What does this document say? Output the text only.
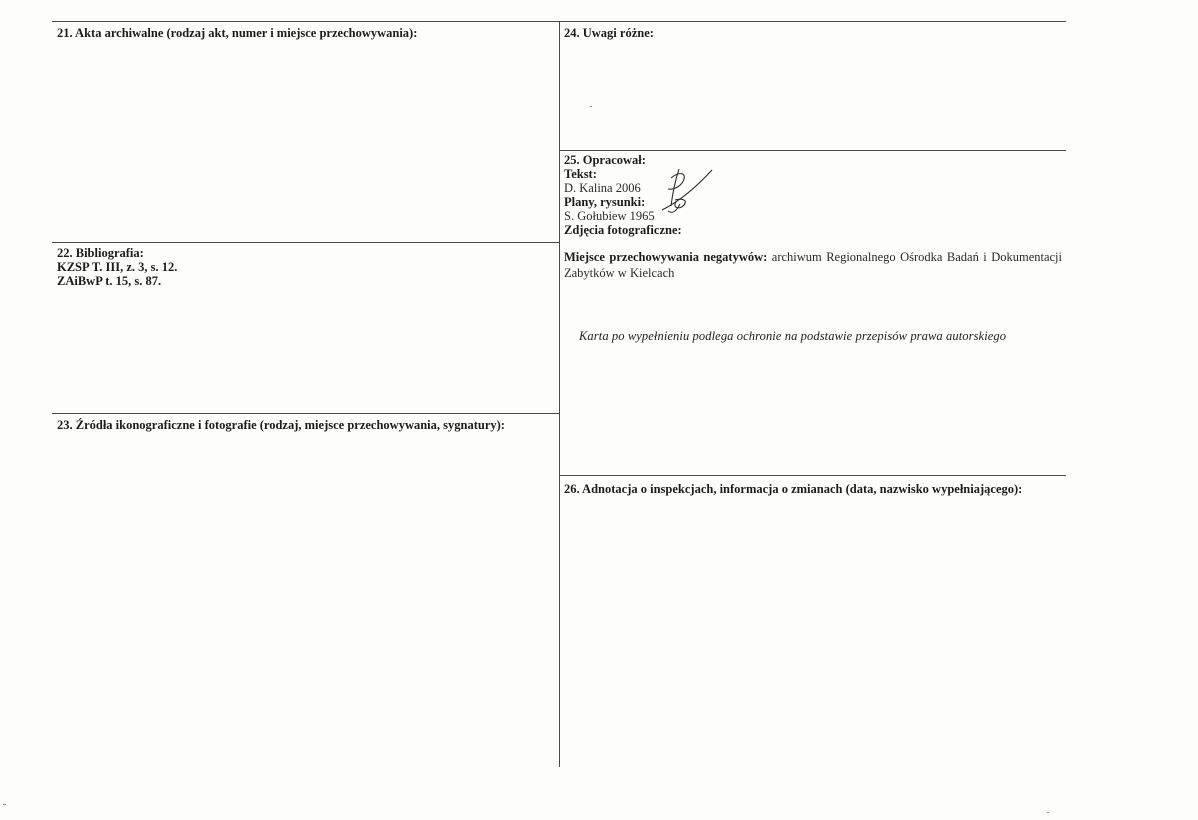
21. Akta archiwalne (rodzaj akt, numer i miejsce przechowywania):
22. Bibliografia:
KZSP T. III, z. 3, s. 12.
ZAiBwP t. 15, s. 87.
23. Źródła ikonograficzne i fotografie (rodzaj, miejsce przechowywania, sygnatury):
24. Uwagi różne:
25. Opracował:
Tekst:
D. Kalina 2006
Plany, rysunki:
S. Gołubiew 1965
Zdjęcia fotograficzne:
Miejsce przechowywania negatywów: archiwum Regionalnego Ośrodka Badań i Dokumentacji Zabytków w Kielcach
Karta po wypełnieniu podlega ochronie na podstawie przepisów prawa autorskiego
26. Adnotacja o inspekcjach, informacja o zmianach (data, nazwisko wypełniającego):
